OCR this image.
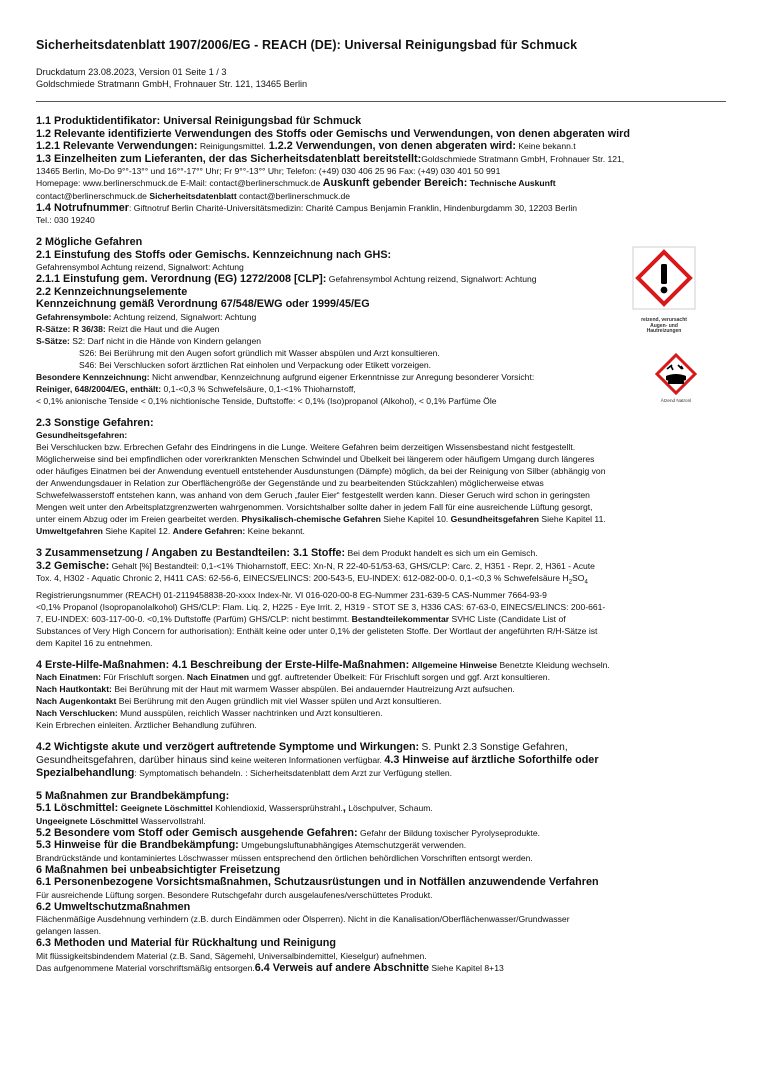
Sicherheitsdatenblatt 1907/2006/EG - REACH (DE): Universal Reinigungsbad für Schmuck
Druckdatum 23.08.2023, Version 01 Seite 1 / 3
Goldschmiede Stratmann GmbH, Frohnauer Str. 121, 13465 Berlin
1.1 Produktidentifikator: Universal Reinigungsbad für Schmuck
1.2 Relevante identifizierte Verwendungen des Stoffs oder Gemischs und Verwendungen, von denen abgeraten wird
1.2.1 Relevante Verwendungen: Reinigungsmittel. 1.2.2 Verwendungen, von denen abgeraten wird: Keine bekann.t
1.3 Einzelheiten zum Lieferanten, der das Sicherheitsdatenblatt bereitstellt:Goldschmiede Stratmann GmbH, Frohnauer Str. 121,
13465 Berlin, Mo-Do 9°°-13°° und 16°°-17°° Uhr; Fr 9°°-13°° Uhr; Telefon: (+49) 030 406 25 96 Fax: (+49) 030 401 50 991
Homepage: www.berlinerschmuck.de E-Mail: contact@berlinerschmuck.de Auskunft gebender Bereich: Technische Auskunft
contact@berlinerschmuck.de Sicherheitsdatenblatt contact@berlinerschmuck.de
1.4 Notrufnummer: Giftnotruf Berlin Charité-Universitätsmedizin: Charité Campus Benjamin Franklin, Hindenburgdamm 30, 12203 Berlin
Tel.: 030 19240
2 Mögliche Gefahren
2.1 Einstufung des Stoffs oder Gemischs. Kennzeichnung nach GHS:
Gefahrensymbol Achtung reizend, Signalwort: Achtung
2.1.1 Einstufung gem. Verordnung (EG) 1272/2008 [CLP]: Gefahrensymbol Achtung reizend, Signalwort: Achtung
2.2 Kennzeichnungselemente
Kennzeichnung gemäß Verordnung 67/548/EWG oder 1999/45/EG
Gefahrensymbole: Achtung reizend, Signalwort: Achtung
R-Sätze: R 36/38: Reizt die Haut und die Augen
S-Sätze: S2: Darf nicht in die Hände von Kindern gelangen
S26: Bei Berührung mit den Augen sofort gründlich mit Wasser abspülen und Arzt konsultieren.
S46: Bei Verschlucken sofort ärztlichen Rat einholen und Verpackung oder Etikett vorzeigen.
Besondere Kennzeichnung: Nicht anwendbar, Kennzeichnung aufgrund eigener Erkenntnisse zur Anregung besonderer Vorsicht:
Reiniger, 648/2004/EG, enthält: 0,1-<0,3 % Schwefelsäure, 0,1-<1% Thioharnstoff,
< 0,1% anionische Tenside < 0,1% nichtionische Tenside, Duftstoffe: < 0,1% (Iso)propanol (Alkohol), < 0,1% Parfüme Öle
2.3 Sonstige Gefahren:
Gesundheitsgefahren:
Bei Verschlucken bzw. Erbrechen Gefahr des Eindringens in die Lunge. Weitere Gefahren beim derzeitigen Wissensbestand nicht festgestellt.
Möglicherweise sind bei empfindlichen oder vorerkrankten Menschen Schwindel und Übelkeit bei längerem oder häufigem Umgang durch längeres
oder häufiges Einatmen bei der Anwendung eventuell entstehender Ausdunstungen (Dämpfe) möglich, da bei der Reinigung von Silber (abhängig von
der Anwendungsdauer in Relation zur Oberflächengröße der Gegenstände und zu bearbeitenden Stückzahlen) möglicherweise etwas
Schwefelwasserstoff entstehen kann, was anhand von dem Geruch „fauler Eier“ festgestellt werden kann. Dieser Geruch wird schon in geringsten
Mengen weit unter den Arbeitsplatzgrenzwerten wahrgenommen. Vorsichtshalber sollte daher in jedem Fall für eine ausreichende Lüftung gesorgt,
unter einem Abzug oder im Freien gearbeitet werden. Physikalisch-chemische Gefahren Siehe Kapitel 10. Gesundheitsgefahren Siehe Kapitel 11.
Umweltgefahren Siehe Kapitel 12. Andere Gefahren: Keine bekannt.
3 Zusammensetzung / Angaben zu Bestandteilen: 3.1 Stoffe: Bei dem Produkt handelt es sich um ein Gemisch.
3.2 Gemische: Gehalt [%] Bestandteil: 0,1-<1% Thioharnstoff, EEC: Xn-N, R 22-40-51/53-63, GHS/CLP: Carc. 2, H351 - Repr. 2, H361 - Acute
Tox. 4, H302 - Aquatic Chronic 2, H411 CAS: 62-56-6, EINECS/ELINCS: 200-543-5, EU-INDEX: 612-082-00-0. 0,1-<0,3 % Schwefelsäure $H_2SO_4$
Registrierungsnummer (REACH) 01-2119458838-20-xxxx Index-Nr. VI 016-020-00-8 EG-Nummer 231-639-5 CAS-Nummer 7664-93-9
<0,1% Propanol (Isopropanolalkohol) GHS/CLP: Flam. Liq. 2, H225 - Eye Irrit. 2, H319 - STOT SE 3, H336 CAS: 67-63-0, EINECS/ELINCS: 200-661-
7, EU-INDEX: 603-117-00-0. <0,1% Duftstoffe (Parfüm) GHS/CLP: nicht bestimmt. Bestandteilekommentar SVHC Liste (Candidate List of
Substances of Very High Concern for authorisation): Enthält keine oder unter 0,1% der gelisteten Stoffe. Der Wortlaut der angeführten R/H-Sätze ist
dem Kapitel 16 zu entnehmen.
4 Erste-Hilfe-Maßnahmen: 4.1 Beschreibung der Erste-Hilfe-Maßnahmen: Allgemeine Hinweise Benetzte Kleidung wechseln.
Nach Einatmen: Für Frischluft sorgen. Nach Einatmen und ggf. auftretender Übelkeit: Für Frischluft sorgen und ggf. Arzt konsultieren.
Nach Hautkontakt: Bei Berührung mit der Haut mit warmem Wasser abspülen. Bei andauernder Hautreizung Arzt aufsuchen.
Nach Augenkontakt Bei Berührung mit den Augen gründlich mit viel Wasser spülen und Arzt konsultieren.
Nach Verschlucken: Mund ausspülen, reichlich Wasser nachtrinken und Arzt konsultieren.
Kein Erbrechen einleiten. Ärztlicher Behandlung zuführen.
4.2 Wichtigste akute und verzögert auftretende Symptome und Wirkungen: S. Punkt 2.3 Sonstige Gefahren,
Gesundheitsgefahren, darüber hinaus sind keine weiteren Informationen verfügbar. 4.3 Hinweise auf ärztliche Soforthilfe oder
Spezialbehandlung: Symptomatisch behandeln. : Sicherheitsdatenblatt dem Arzt zur Verfügung stellen.
5 Maßnahmen zur Brandbekämpfung:
5.1 Löschmittel: Geeignete Löschmittel Kohlendioxid, Wassersprühstrahl., Löschpulver, Schaum.
Ungeeignete Löschmittel Wasservollstrahl.
5.2 Besondere vom Stoff oder Gemisch ausgehende Gefahren: Gefahr der Bildung toxischer Pyrolyseprodukte.
5.3 Hinweise für die Brandbekämpfung: Umgebungsluftunabhängiges Atemschutzgerät verwenden.
Brandrückstände und kontaminiertes Löschwasser müssen entsprechend den örtlichen behördlichen Vorschriften entsorgt werden.
6 Maßnahmen bei unbeabsichtigter Freisetzung
6.1 Personenbezogene Vorsichtsmaßnahmen, Schutzausrüstungen und in Notfällen anzuwendende Verfahren
Für ausreichende Lüftung sorgen. Besondere Rutschgefahr durch ausgelaufenes/verschüttetes Produkt.
6.2 Umweltschutzmaßnahmen
Flächenmäßige Ausdehnung verhindern (z.B. durch Eindämmen oder Ölsperren). Nicht in die Kanalisation/Oberflächenwasser/Grundwasser
gelangen lassen.
6.3 Methoden und Material für Rückhaltung und Reinigung
Mit flüssigkeitsbindendem Material (z.B. Sand, Sägemehl, Universalbindemittel, Kieselgur) aufnehmen.
Das aufgenommene Material vorschriftsmäßig entsorgen.6.4 Verweis auf andere Abschnitte Siehe Kapitel 8+13
reizend, verursacht Augen- und Hautreizungen
Ätzend Natronl
